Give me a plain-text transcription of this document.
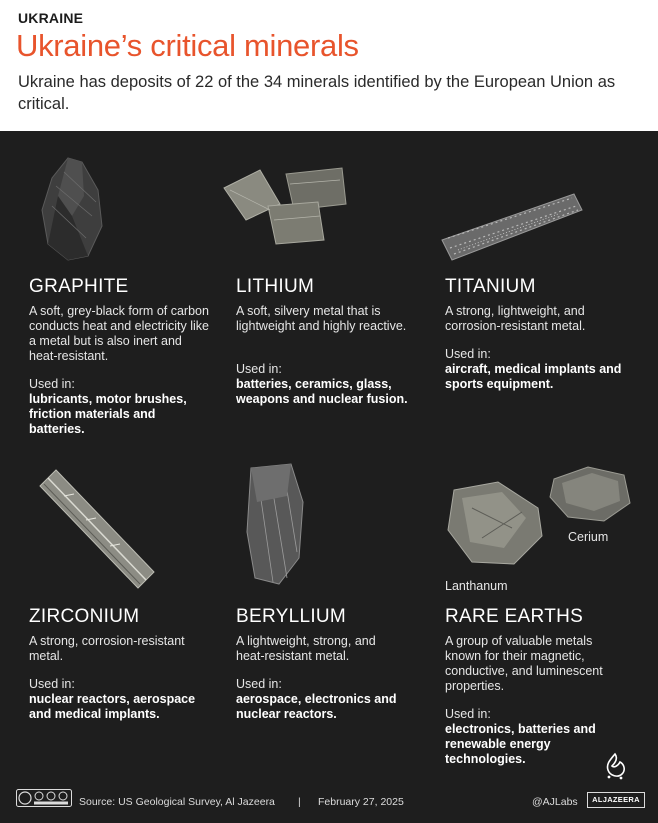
UKRAINE
Ukraine’s critical minerals
Ukraine has deposits of 22 of the 34 minerals identified by the European Union as critical.
GRAPHITE
A soft, grey-black form of carbon conducts heat and electricity like a metal but is also inert and heat-resistant.
Used in:
lubricants, motor brushes, friction materials and batteries.
LITHIUM
A soft, silvery metal that is lightweight and highly reactive.
Used in:
batteries, ceramics, glass, weapons and nuclear fusion.
TITANIUM
A strong, lightweight, and corrosion-resistant metal.
Used in:
aircraft, medical implants and sports equipment.
ZIRCONIUM
A strong, corrosion-resistant metal.
Used in:
nuclear reactors, aerospace and medical implants.
BERYLLIUM
A lightweight, strong, and heat-resistant metal.
Used in:
aerospace, electronics and nuclear reactors.
Cerium
Lanthanum
RARE EARTHS
A group of valuable metals known for their magnetic, conductive, and luminescent properties.
Used in:
electronics, batteries and renewable energy technologies.
Source: US Geological Survey, Al Jazeera | February 27, 2025	@AJLabs	ALJAZEERA
